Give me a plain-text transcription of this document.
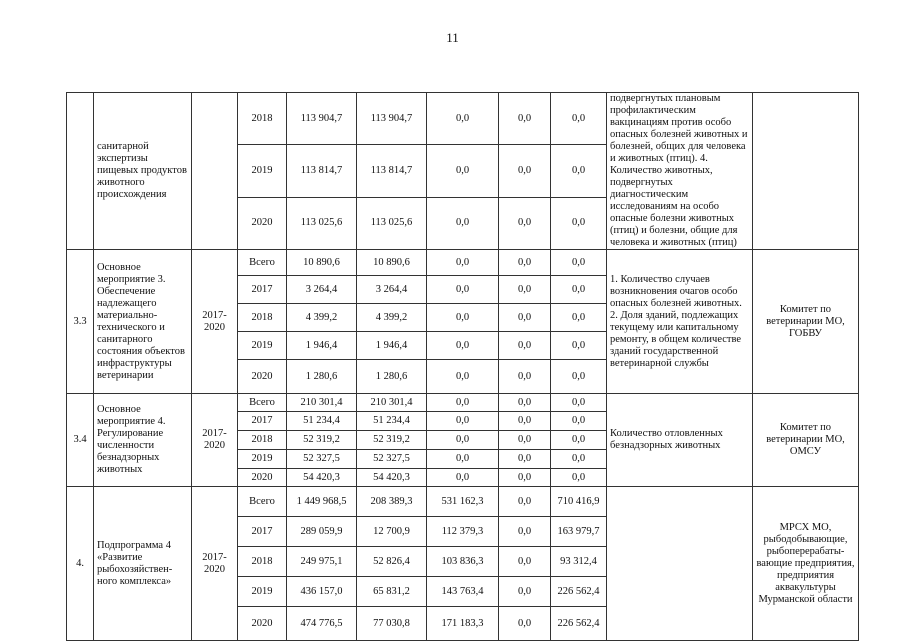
11
	санитарной экспертизы пищевых продуктов животного происхождения		2018	113 904,7	113 904,7	0,0	0,0	0,0	подвергнутых плановым профилактическим вакцинациям против особо опасных болезней животных и болезней, общих для человека и животных (птиц). 4. Количество животных, подвергнутых диагностическим исследованиям на особо опасные болезни животных (птиц) и болезни, общие для человека и животных (птиц)	
			2019	113 814,7	113 814,7	0,0	0,0	0,0		
			2020	113 025,6	113 025,6	0,0	0,0	0,0		
3.3	Основное мероприятие 3. Обеспечение надлежащего материально-технического и санитарного состояния объектов инфраструктуры ветеринарии	2017-2020	Всего	10 890,6	10 890,6	0,0	0,0	0,0	1. Количество случаев возникновения очагов особо опасных болезней животных. 2. Доля зданий, подлежащих текущему или капитальному ремонту, в общем количестве зданий государственной ветеринарной службы	Комитет по ветеринарии МО, ГОБВУ
			2017	3 264,4	3 264,4	0,0	0,0	0,0		
			2018	4 399,2	4 399,2	0,0	0,0	0,0		
			2019	1 946,4	1 946,4	0,0	0,0	0,0		
			2020	1 280,6	1 280,6	0,0	0,0	0,0		
3.4	Основное мероприятие 4. Регулирование численности безнадзорных животных	2017-2020	Всего	210 301,4	210 301,4	0,0	0,0	0,0	Количество отловленных безнадзорных животных	Комитет по ветеринарии МО, ОМСУ
			2017	51 234,4	51 234,4	0,0	0,0	0,0		
			2018	52 319,2	52 319,2	0,0	0,0	0,0		
			2019	52 327,5	52 327,5	0,0	0,0	0,0		
			2020	54 420,3	54 420,3	0,0	0,0	0,0		
4.	Подпрограмма 4 «Развитие рыбохозяйствен-ного комплекса»	2017-2020	Всего	1 449 968,5	208 389,3	531 162,3	0,0	710 416,9		МРСХ МО, рыбодобывающие, рыбоперерабаты-вающие предприятия, предприятия аквакультуры Мурманской области
			2017	289 059,9	12 700,9	112 379,3	0,0	163 979,7		
			2018	249 975,1	52 826,4	103 836,3	0,0	93 312,4		
			2019	436 157,0	65 831,2	143 763,4	0,0	226 562,4		
			2020	474 776,5	77 030,8	171 183,3	0,0	226 562,4		
